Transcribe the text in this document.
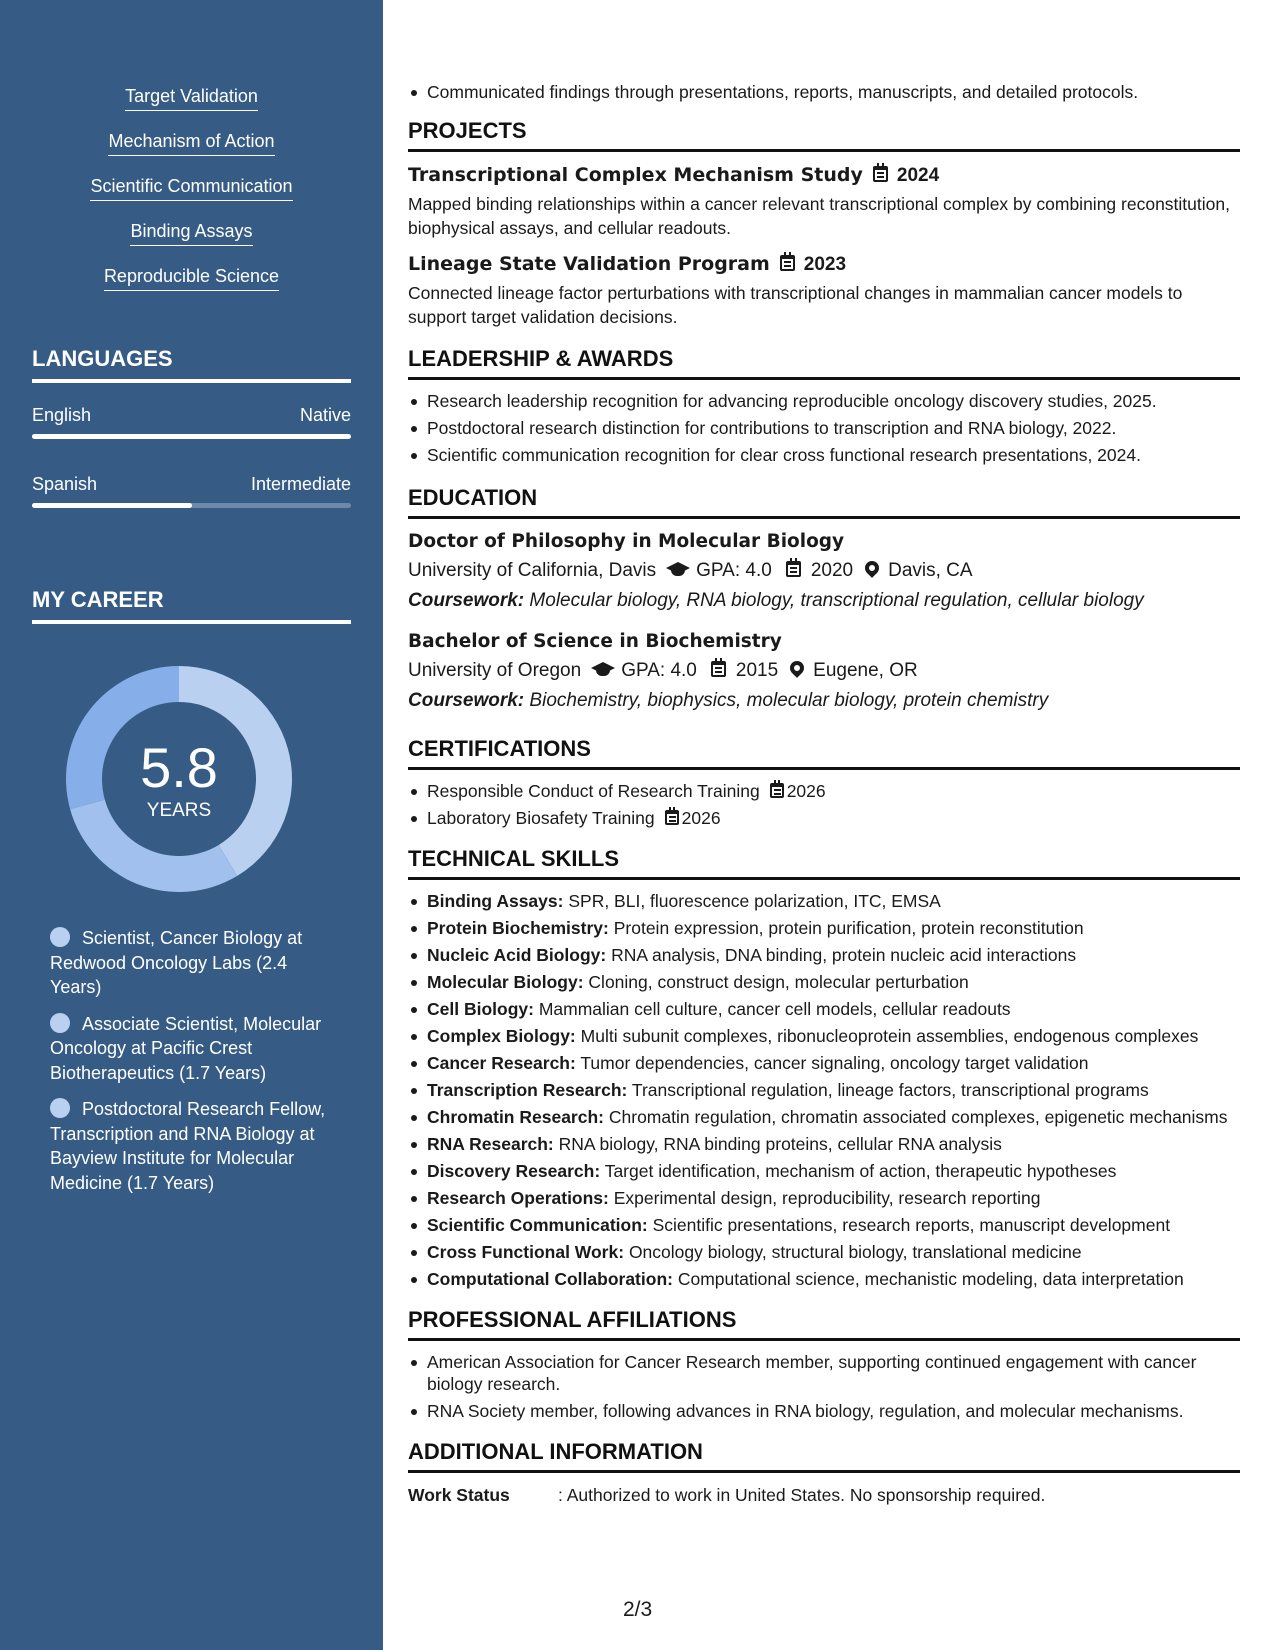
Target Validation
Mechanism of Action
Scientific Communication
Binding Assays
Reproducible Science
LANGUAGES
English	Native
Spanish	Intermediate
MY CAREER
5.8
YEARS
Scientist, Cancer Biology at Redwood Oncology Labs (2.4 Years)
Associate Scientist, Molecular Oncology at Pacific Crest Biotherapeutics (1.7 Years)
Postdoctoral Research Fellow, Transcription and RNA Biology at Bayview Institute for Molecular Medicine (1.7 Years)
Communicated findings through presentations, reports, manuscripts, and detailed protocols.
PROJECTS
Transcriptional Complex Mechanism Study 2024
Mapped binding relationships within a cancer relevant transcriptional complex by combining reconstitution, biophysical assays, and cellular readouts.
Lineage State Validation Program 2023
Connected lineage factor perturbations with transcriptional changes in mammalian cancer models to support target validation decisions.
LEADERSHIP & AWARDS
Research leadership recognition for advancing reproducible oncology discovery studies, 2025.
Postdoctoral research distinction for contributions to transcription and RNA biology, 2022.
Scientific communication recognition for clear cross functional research presentations, 2024.
EDUCATION
Doctor of Philosophy in Molecular Biology
University of California, Davis GPA: 4.0 2020 Davis, CA
Coursework: Molecular biology, RNA biology, transcriptional regulation, cellular biology
Bachelor of Science in Biochemistry
University of Oregon GPA: 4.0 2015 Eugene, OR
Coursework: Biochemistry, biophysics, molecular biology, protein chemistry
CERTIFICATIONS
Responsible Conduct of Research Training 2026
Laboratory Biosafety Training 2026
TECHNICAL SKILLS
Binding Assays: SPR, BLI, fluorescence polarization, ITC, EMSA
Protein Biochemistry: Protein expression, protein purification, protein reconstitution
Nucleic Acid Biology: RNA analysis, DNA binding, protein nucleic acid interactions
Molecular Biology: Cloning, construct design, molecular perturbation
Cell Biology: Mammalian cell culture, cancer cell models, cellular readouts
Complex Biology: Multi subunit complexes, ribonucleoprotein assemblies, endogenous complexes
Cancer Research: Tumor dependencies, cancer signaling, oncology target validation
Transcription Research: Transcriptional regulation, lineage factors, transcriptional programs
Chromatin Research: Chromatin regulation, chromatin associated complexes, epigenetic mechanisms
RNA Research: RNA biology, RNA binding proteins, cellular RNA analysis
Discovery Research: Target identification, mechanism of action, therapeutic hypotheses
Research Operations: Experimental design, reproducibility, research reporting
Scientific Communication: Scientific presentations, research reports, manuscript development
Cross Functional Work: Oncology biology, structural biology, translational medicine
Computational Collaboration: Computational science, mechanistic modeling, data interpretation
PROFESSIONAL AFFILIATIONS
American Association for Cancer Research member, supporting continued engagement with cancer biology research.
RNA Society member, following advances in RNA biology, regulation, and molecular mechanisms.
ADDITIONAL INFORMATION
Work Status	: Authorized to work in United States. No sponsorship required.
2/3
